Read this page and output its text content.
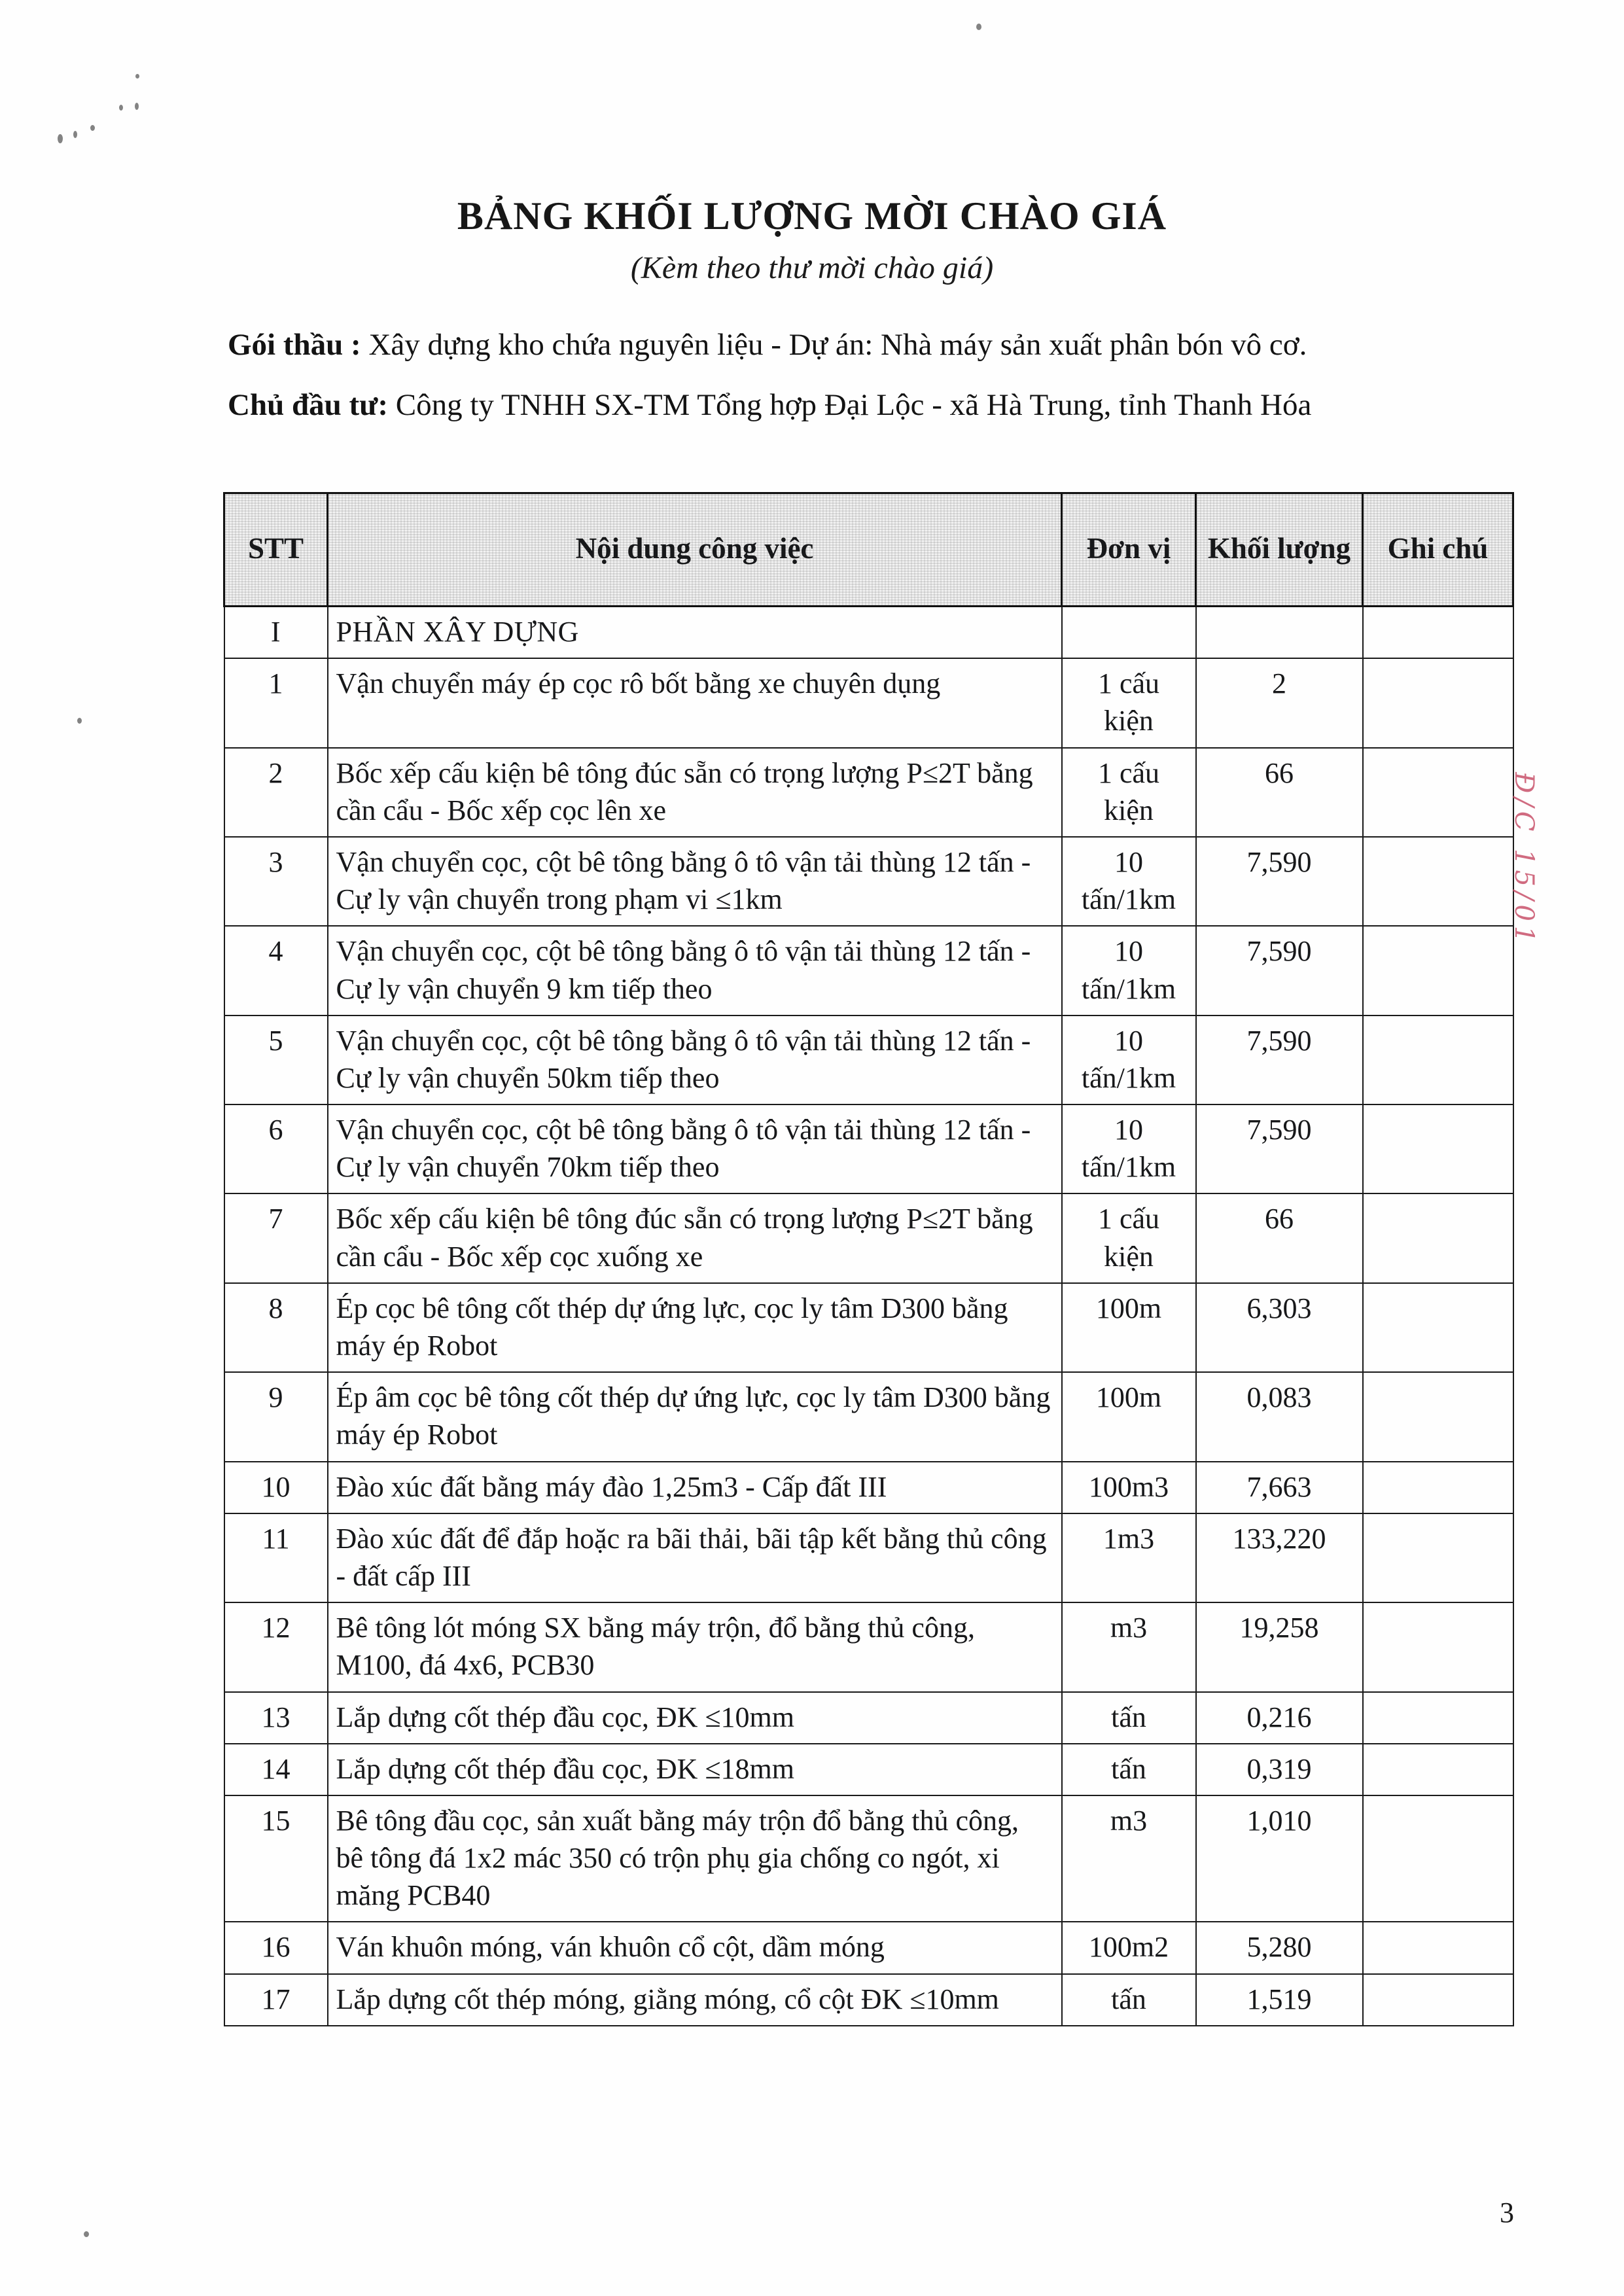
BẢNG KHỐI LƯỢNG MỜI CHÀO GIÁ
(Kèm theo thư mời chào giá)
Gói thầu : Xây dựng kho chứa nguyên liệu - Dự án: Nhà máy sản xuất phân bón vô cơ.
Chủ đầu tư: Công ty TNHH SX-TM Tổng hợp Đại Lộc - xã Hà Trung, tỉnh Thanh Hóa
STT	Nội dung công việc	Đơn vị	Khối lượng	Ghi chú
I	PHẦN XÂY DỰNG			
1	Vận chuyển máy ép cọc rô bốt bằng xe chuyên dụng	1 cấu kiện	2	
2	Bốc xếp cấu kiện bê tông đúc sẵn có trọng lượng P≤2T bằng cần cẩu - Bốc xếp cọc lên xe	1 cấu kiện	66	
3	Vận chuyển cọc, cột bê tông bằng ô tô vận tải thùng 12 tấn - Cự ly vận chuyển trong phạm vi ≤1km	10 tấn/1km	7,590	
4	Vận chuyển cọc, cột bê tông bằng ô tô vận tải thùng 12 tấn - Cự ly vận chuyển 9 km tiếp theo	10 tấn/1km	7,590	
5	Vận chuyển cọc, cột bê tông bằng ô tô vận tải thùng 12 tấn - Cự ly vận chuyển 50km tiếp theo	10 tấn/1km	7,590	
6	Vận chuyển cọc, cột bê tông bằng ô tô vận tải thùng 12 tấn - Cự ly vận chuyển 70km tiếp theo	10 tấn/1km	7,590	
7	Bốc xếp cấu kiện bê tông đúc sẵn có trọng lượng P≤2T bằng cần cẩu - Bốc xếp cọc xuống xe	1 cấu kiện	66	
8	Ép cọc bê tông cốt thép dự ứng lực, cọc ly tâm D300 bằng máy ép Robot	100m	6,303	
9	Ép âm cọc bê tông cốt thép dự ứng lực, cọc ly tâm D300 bằng máy ép Robot	100m	0,083	
10	Đào xúc đất bằng máy đào 1,25m3 - Cấp đất III	100m3	7,663	
11	Đào xúc đất để đắp hoặc ra bãi thải, bãi tập kết bằng thủ công - đất cấp III	1m3	133,220	
12	Bê tông lót móng SX bằng máy trộn, đổ bằng thủ công, M100, đá 4x6, PCB30	m3	19,258	
13	Lắp dựng cốt thép đầu cọc, ĐK ≤10mm	tấn	0,216	
14	Lắp dựng cốt thép đầu cọc, ĐK ≤18mm	tấn	0,319	
15	Bê tông đầu cọc, sản xuất bằng máy trộn đổ bằng thủ công, bê tông đá 1x2 mác 350 có trộn phụ gia chống co ngót, xi măng PCB40	m3	1,010	
16	Ván khuôn móng, ván khuôn cổ cột, dầm móng	100m2	5,280	
17	Lắp dựng cốt thép móng, giằng móng, cổ cột ĐK ≤10mm	tấn	1,519	
Đ/C 15/01
3
